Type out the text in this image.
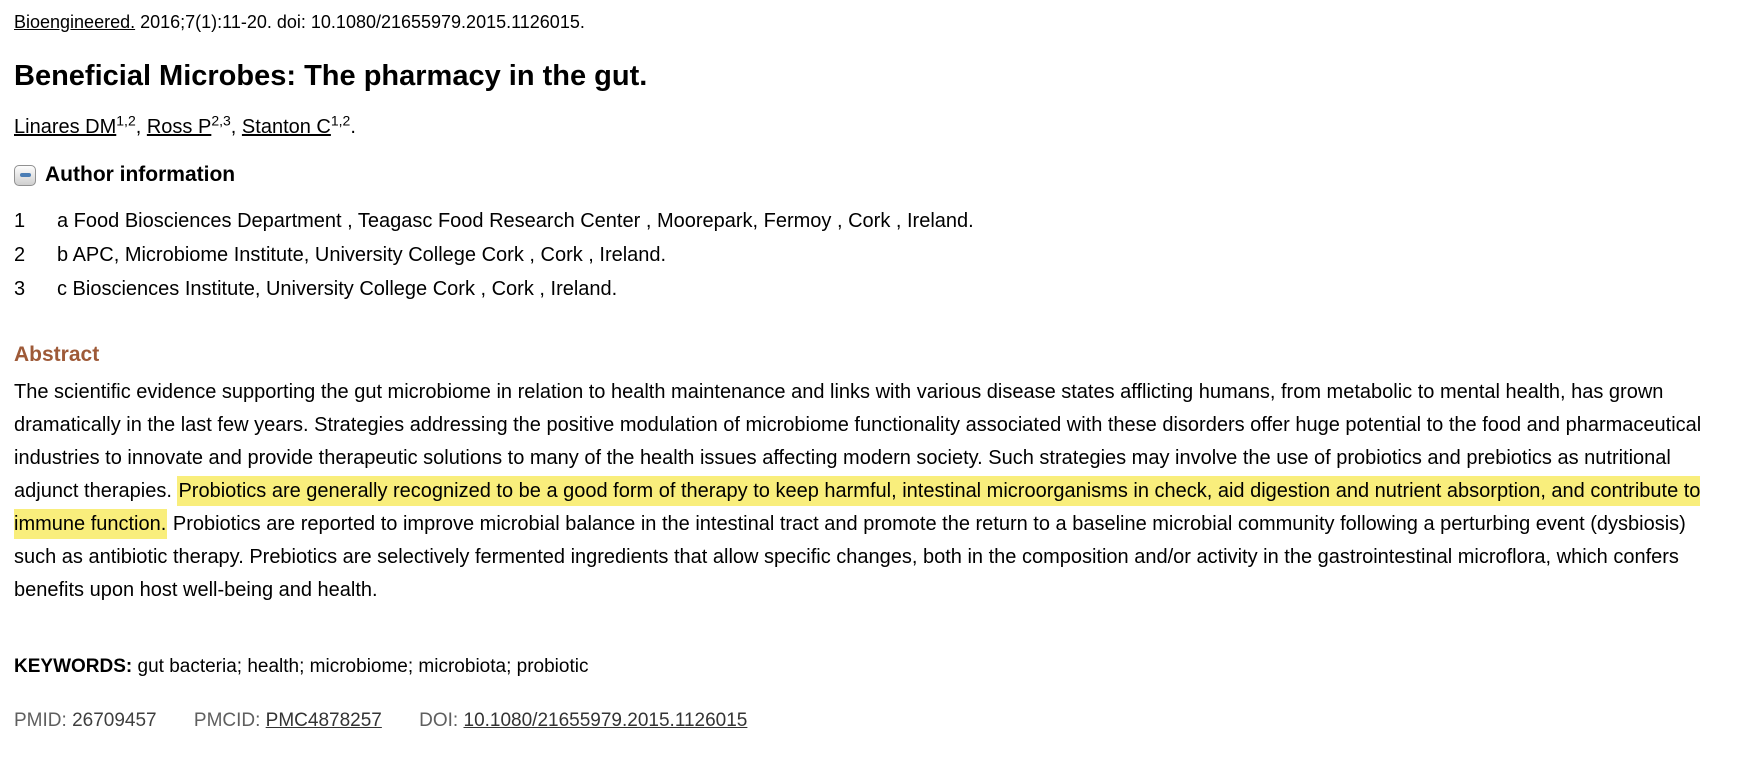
Bioengineered. 2016;7(1):11-20. doi: 10.1080/21655979.2015.1126015.
Beneficial Microbes: The pharmacy in the gut.
Linares DM$^{1,2}$, Ross P$^{2,3}$, Stanton C$^{1,2}$.
Author information
1	a Food Biosciences Department , Teagasc Food Research Center , Moorepark, Fermoy , Cork , Ireland.
2	b APC, Microbiome Institute, University College Cork , Cork , Ireland.
3	c Biosciences Institute, University College Cork , Cork , Ireland.
Abstract

The scientific evidence supporting the gut microbiome in relation to health maintenance and links with various disease states afflicting humans, from metabolic to mental health, has grown dramatically in the last few years. Strategies addressing the positive modulation of microbiome functionality associated with these disorders offer huge potential to the food and pharmaceutical industries to innovate and provide therapeutic solutions to many of the health issues affecting modern society. Such strategies may involve the use of probiotics and prebiotics as nutritional adjunct therapies. Probiotics are generally recognized to be a good form of therapy to keep harmful, intestinal microorganisms in check, aid digestion and nutrient absorption, and contribute to immune function. Probiotics are reported to improve microbial balance in the intestinal tract and promote the return to a baseline microbial community following a perturbing event (dysbiosis) such as antibiotic therapy. Prebiotics are selectively fermented ingredients that allow specific changes, both in the composition and/or activity in the gastrointestinal microflora, which confers benefits upon host well-being and health.

KEYWORDS: gut bacteria; health; microbiome; microbiota; probiotic
PMID: 26709457 PMCID: PMC4878257 DOI: 10.1080/21655979.2015.1126015
